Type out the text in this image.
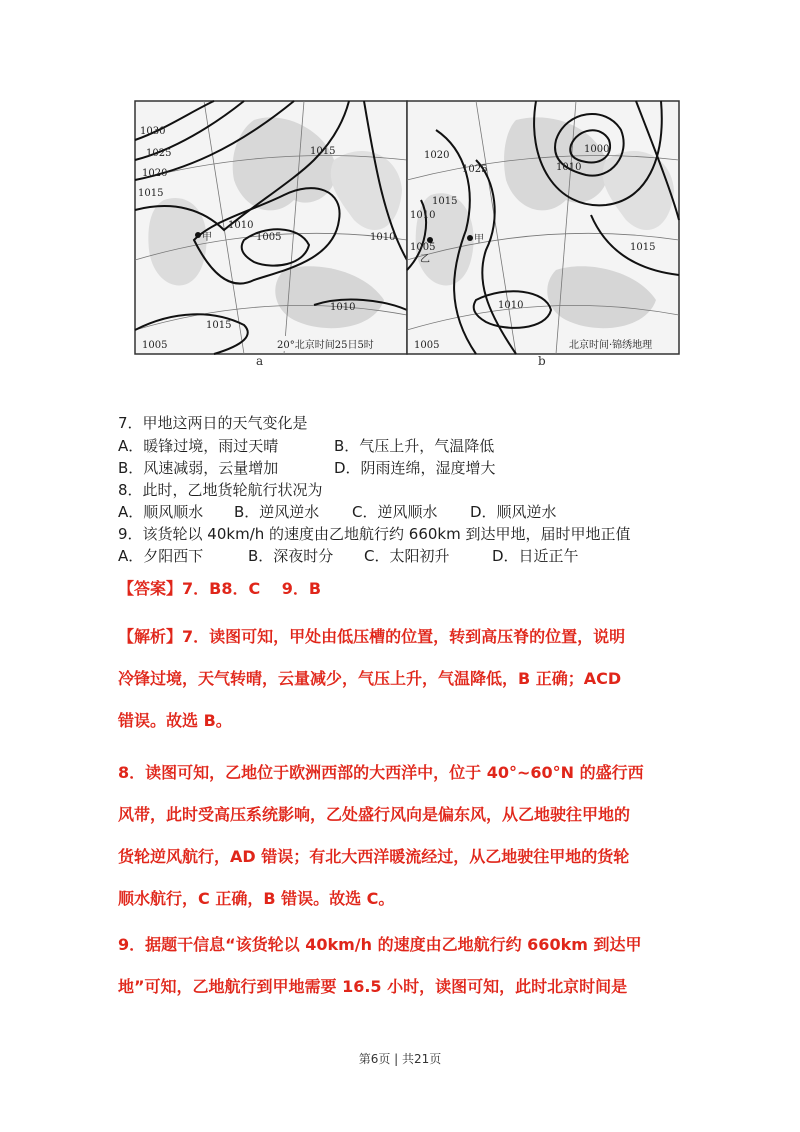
1030
1025
1020
1015
1010
1005
1015
1010
1015
1010
1005
甲
20°北京时间25日5时
a
1020
1025
1015
1010
1005
1000
1010
1015
1010
1005
甲
乙
北京时间·锦绣地理
b
7．甲地这两日的天气变化是
A．暖锋过境，雨过天晴	B．气压上升，气温降低
B．风速减弱，云量增加	D．阴雨连绵，湿度增大
8．此时，乙地货轮航行状况为
A．顺风顺水 B．逆风逆水 C．逆风顺水 D．顺风逆水
9．该货轮以 40km/h 的速度由乙地航行约 660km 到达甲地，届时甲地正值
A．夕阳西下	B．深夜时分 C．太阳初升	D．日近正午
【答案】7．B8．C　 9．B
【解析】7．读图可知，甲处由低压槽的位置，转到高压脊的位置，说明
冷锋过境，天气转晴，云量减少，气压上升，气温降低，B 正确；ACD
错误。故选 B。
8．读图可知，乙地位于欧洲西部的大西洋中，位于 40°~60°N 的盛行西
风带，此时受高压系统影响，乙处盛行风向是偏东风，从乙地驶往甲地的
货轮逆风航行，AD 错误；有北大西洋暖流经过，从乙地驶往甲地的货轮
顺水航行，C 正确，B 错误。故选 C。
9．据题干信息“该货轮以 40km/h 的速度由乙地航行约 660km 到达甲
地”可知，乙地航行到甲地需要 16.5 小时，读图可知，此时北京时间是
第6页 | 共21页
